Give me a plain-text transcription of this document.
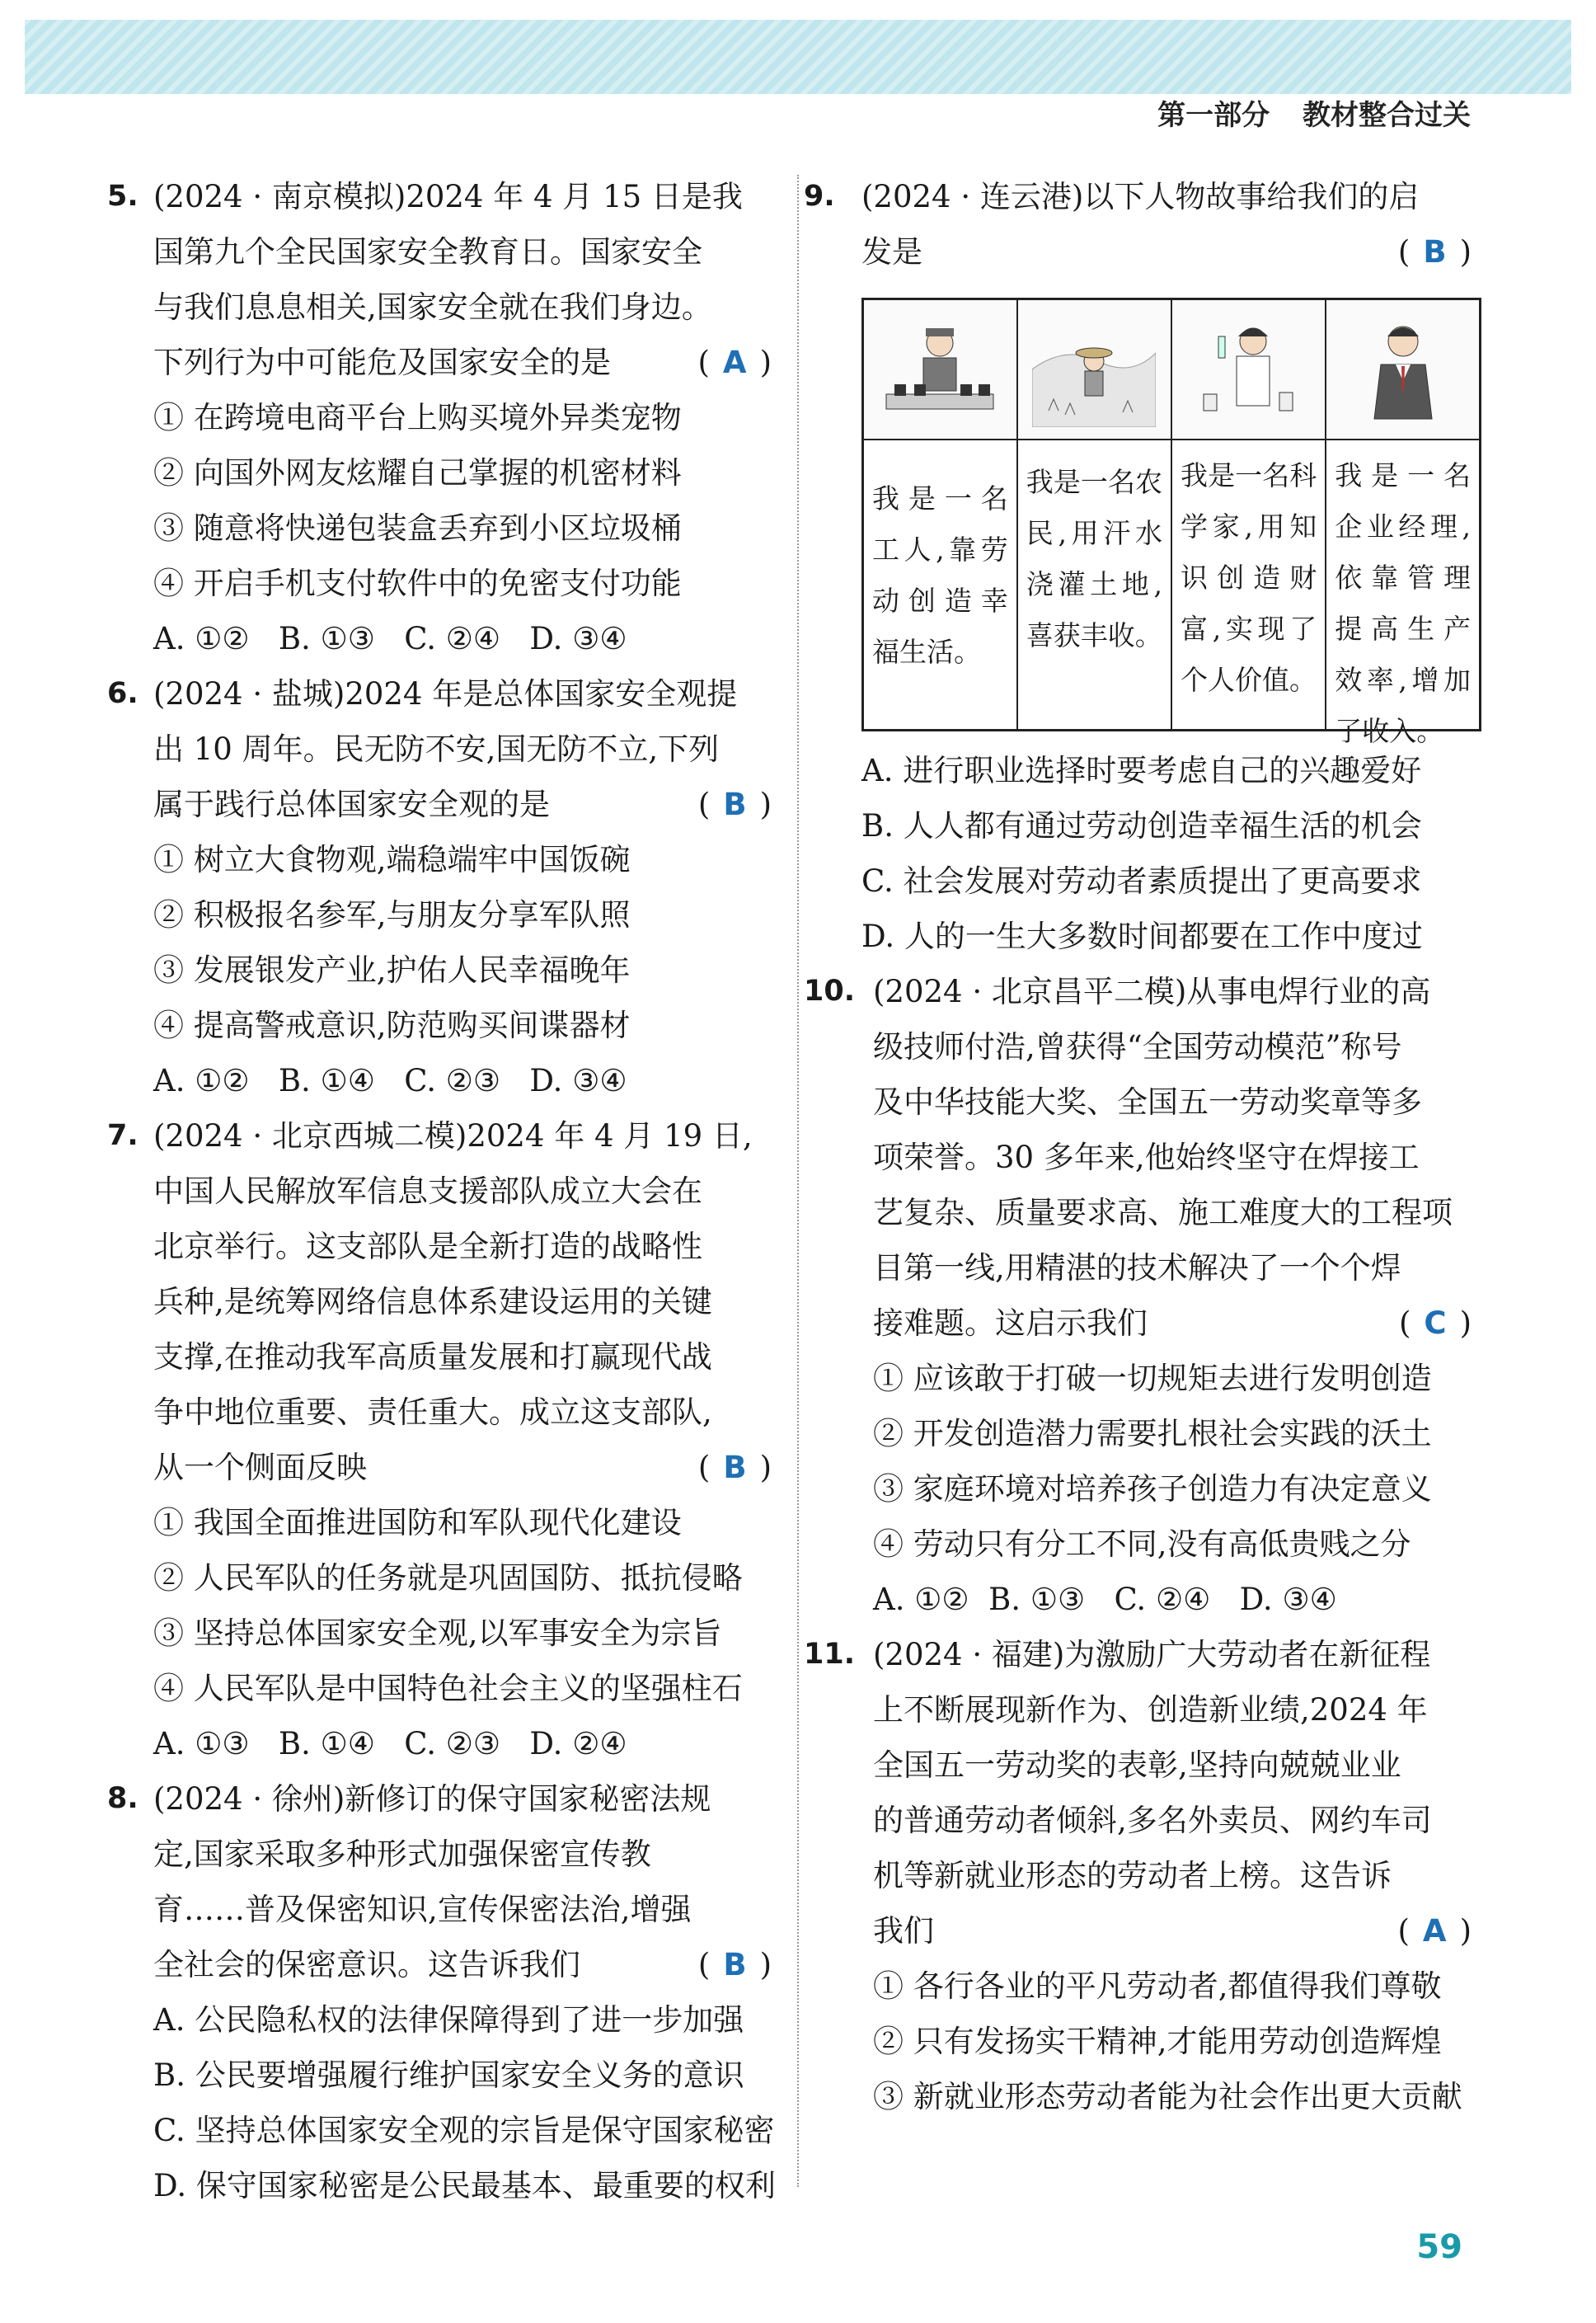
第一部分 教材整合过关
5. (2024 · 南京模拟)2024 年 4 月 15 日是我
国第九个全民国家安全教育日。国家安全
与我们息息相关,国家安全就在我们身边。
下列行为中可能危及国家安全的是	( A )
① 在跨境电商平台上购买境外异类宠物
② 向国外网友炫耀自己掌握的机密材料
③ 随意将快递包装盒丢弃到小区垃圾桶
④ 开启手机支付软件中的免密支付功能
A. ①②   B. ①③   C. ②④   D. ③④
6. (2024 · 盐城)2024 年是总体国家安全观提
出 10 周年。民无防不安,国无防不立,下列
属于践行总体国家安全观的是	( B )
① 树立大食物观,端稳端牢中国饭碗
② 积极报名参军,与朋友分享军队照
③ 发展银发产业,护佑人民幸福晚年
④ 提高警戒意识,防范购买间谍器材
A. ①②   B. ①④   C. ②③   D. ③④
7. (2024 · 北京西城二模)2024 年 4 月 19 日,
中国人民解放军信息支援部队成立大会在
北京举行。这支部队是全新打造的战略性
兵种,是统筹网络信息体系建设运用的关键
支撑,在推动我军高质量发展和打赢现代战
争中地位重要、责任重大。成立这支部队,
从一个侧面反映	( B )
① 我国全面推进国防和军队现代化建设
② 人民军队的任务就是巩固国防、抵抗侵略
③ 坚持总体国家安全观,以军事安全为宗旨
④ 人民军队是中国特色社会主义的坚强柱石
A. ①③   B. ①④   C. ②③   D. ②④
8. (2024 · 徐州)新修订的保守国家秘密法规
定,国家采取多种形式加强保密宣传教
育……普及保密知识,宣传保密法治,增强
全社会的保密意识。这告诉我们	( B )
A. 公民隐私权的法律保障得到了进一步加强
B. 公民要增强履行维护国家安全义务的意识
C. 坚持总体国家安全观的宗旨是保守国家秘密
D. 保守国家秘密是公民最基本、最重要的权利
9. (2024 · 连云港)以下人物故事给我们的启
发是	( B )

我是一名工人,靠劳动创造幸福生活。	我是一名农民,用汗水浇灌土地,喜获丰收。	我是一名科学家,用知识创造财富,实现了个人价值。	我是一名企业经理,依靠管理提高生产效率,增加了收入。
A. 进行职业选择时要考虑自己的兴趣爱好
B. 人人都有通过劳动创造幸福生活的机会
C. 社会发展对劳动者素质提出了更高要求
D. 人的一生大多数时间都要在工作中度过
10. (2024 · 北京昌平二模)从事电焊行业的高
级技师付浩,曾获得“全国劳动模范”称号
及中华技能大奖、全国五一劳动奖章等多
项荣誉。30 多年来,他始终坚守在焊接工
艺复杂、质量要求高、施工难度大的工程项
目第一线,用精湛的技术解决了一个个焊
接难题。这启示我们	( C )
① 应该敢于打破一切规矩去进行发明创造
② 开发创造潜力需要扎根社会实践的沃土
③ 家庭环境对培养孩子创造力有决定意义
④ 劳动只有分工不同,没有高低贵贱之分
A. ①②  B. ①③   C. ②④   D. ③④
11. (2024 · 福建)为激励广大劳动者在新征程
上不断展现新作为、创造新业绩,2024 年
全国五一劳动奖的表彰,坚持向兢兢业业
的普通劳动者倾斜,多名外卖员、网约车司
机等新就业形态的劳动者上榜。这告诉
我们	( A )
① 各行各业的平凡劳动者,都值得我们尊敬
② 只有发扬实干精神,才能用劳动创造辉煌
③ 新就业形态劳动者能为社会作出更大贡献
59
